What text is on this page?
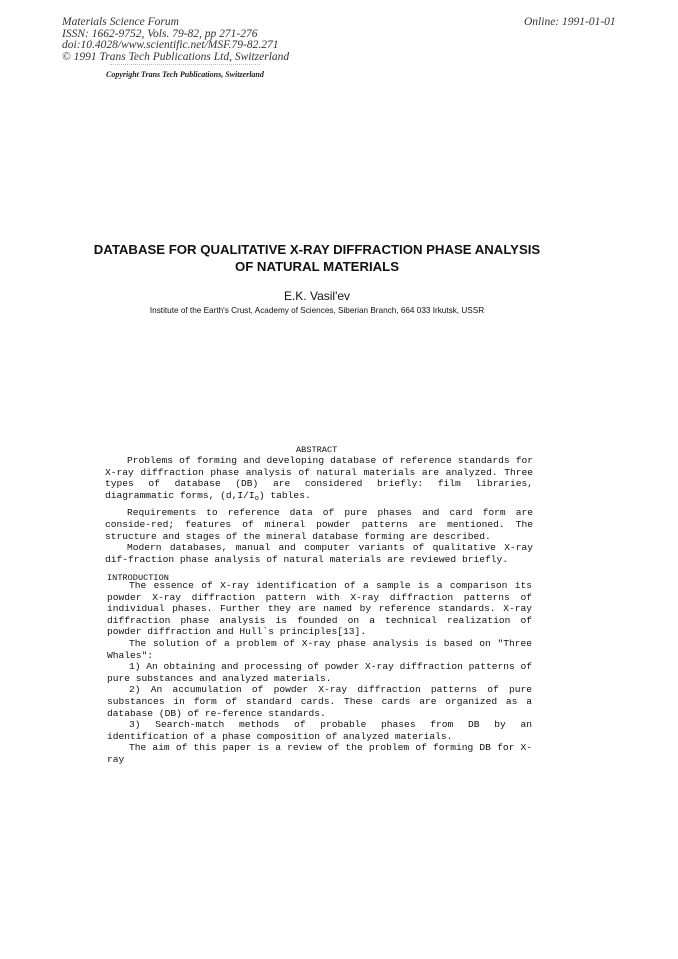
Materials Science Forum
ISSN: 1662-9752, Vols. 79-82, pp 271-276
doi:10.4028/www.scientific.net/MSF.79-82.271
© 1991 Trans Tech Publications Ltd, Switzerland
Online: 1991-01-01
Copyright Trans Tech Publications, Switzerland
DATABASE FOR QUALITATIVE X-RAY DIFFRACTION PHASE ANALYSIS
OF NATURAL MATERIALS
E.K. Vasil'ev
Institute of the Earth's Crust, Academy of Sciences, Siberian Branch, 664 033 Irkutsk, USSR
ABSTRACT

Problems of forming and developing database of reference standards for X-ray diffraction phase analysis of natural materials are analyzed. Three types of database (DB) are considered briefly: film libraries, diagrammatic forms, $(d,I/I_o)$ tables.

Requirements to reference data of pure phases and card form are conside-red; features of mineral powder patterns are mentioned. The structure and stages of the mineral database forming are described.

Modern databases, manual and computer variants of qualitative X-ray dif-fraction phase analysis of natural materials are reviewed briefly.

INTRODUCTION

The essence of X-ray identification of a sample is a comparison its powder X-ray diffraction pattern with X-ray diffraction patterns of individual phases. Further they are named by reference standards. X-ray diffraction phase analysis is founded on a technical realization of powder diffraction and Hull`s principles[13].

The solution of a problem of X-ray phase analysis is based on "Three Whales":

1) An obtaining and processing of powder X-ray diffraction patterns of pure substances and analyzed materials.

2) An accumulation of powder X-ray diffraction patterns of pure substances in form of standard cards. These cards are organized as a database (DB) of re-ference standards.

3) Search-match methods of probable phases from DB by an identification of a phase composition of analyzed materials.

The aim of this paper is a review of the problem of forming DB for X-ray
